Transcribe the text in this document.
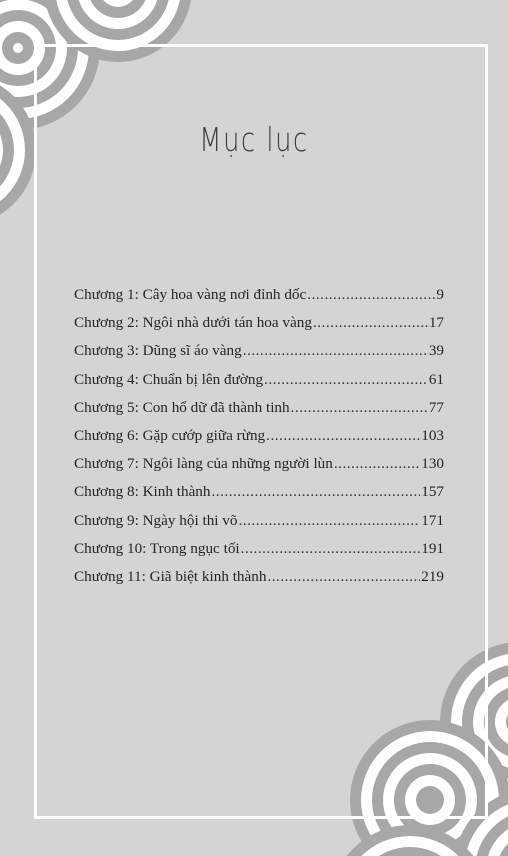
Mục lục
Chương 1: Cây hoa vàng nơi đỉnh dốc .....	9
Chương 2: Ngôi nhà dưới tán hoa vàng .....	17
Chương 3: Dũng sĩ áo vàng .....	39
Chương 4: Chuẩn bị lên đường .....	61
Chương 5: Con hổ dữ đã thành tinh .....	77
Chương 6: Gặp cướp giữa rừng .....	103
Chương 7: Ngôi làng của những người lùn .....	130
Chương 8: Kinh thành .....	157
Chương 9: Ngày hội thi võ .....	171
Chương 10: Trong ngục tối .....	191
Chương 11: Giã biệt kinh thành .....	219
